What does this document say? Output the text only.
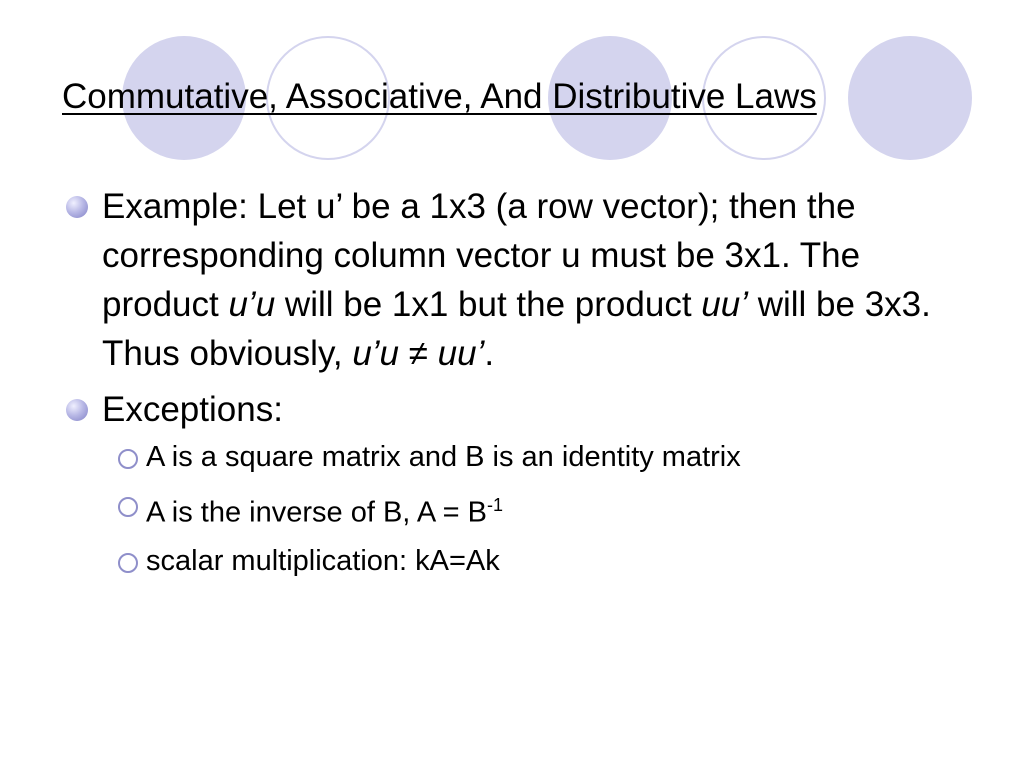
Commutative, Associative, And Distributive Laws
Example: Let u’ be a 1x3 (a row vector); then the corresponding column vector u must be 3x1. The product u’u will be 1x1 but the product uu’ will be 3x3. Thus obviously, u’u ≠ uu’.
Exceptions:
A is a square matrix and B is an identity matrix
A is the inverse of B, $A = B^{-1}$
scalar multiplication: kA=Ak
